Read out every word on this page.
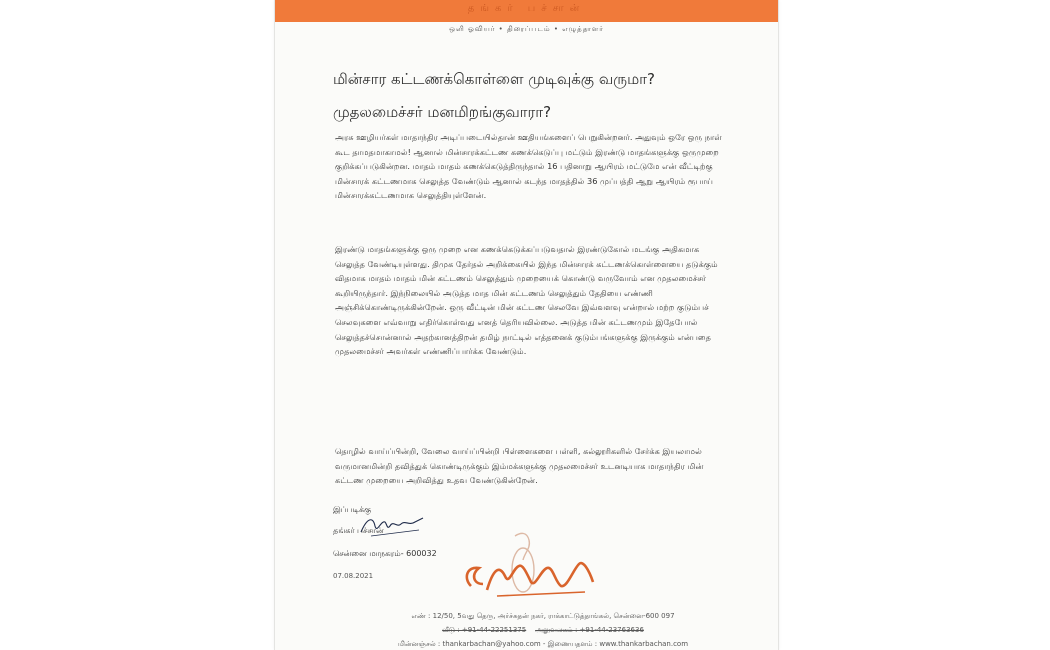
தங்கர் பச்சான்
ஒளி ஓவியர் • திரைப்படம் • எழுத்தாளர்
மின்சார கட்டணக்கொள்ளை முடிவுக்கு வருமா?
முதலமைச்சர் மனமிறங்குவாரா?
அரசு ஊழியர்கள் மாதாந்திர அடிப்படையில்தான் ஊதியங்களைப் பெறுகின்றனர். அதுவும் ஒரே ஒரு நாள் கூட தாமதமாகாமல்! ஆனால் மின்சாரக்கட்டண கணக்கெடுப்பு மட்டும் இரண்டு மாதங்களுக்கு ஒருமுறை குறிக்கப்படுகின்றன. மாதம் மாதம் கணக்கெடுத்திருந்தால் 16 பதினாறு ஆயிரம் மட்டுமே என் வீட்டிற்கு மின்சாரக் கட்டணமாக செலுத்த வேண்டும் ஆனால் கடந்த மாதத்தில் 36 முப்பத்தி ஆறு ஆயிரம் ரூபாய் மின்சாரக்கட்டணமாக செலுத்தியுள்ளேன்.
இரண்டு மாதங்களுக்கு ஒரு முறை என கணக்கெடுக்கப்படுவதால் இரண்டுகோல் மடங்கு அதிகமாக செலுத்த வேண்டியுள்ளது. திமுக தேர்தல் அறிக்கையில் இந்த மின்சாரக் கட்டணக்கொள்ளையை தடுக்கும் விதமாக மாதம் மாதம் மின் கட்டணம் செலுத்தும் முறையைக் கொண்டு வருவோம் என முதலமைச்சர் கூறியிருந்தார். இந்நிலையில் அடுத்த மாத மின் கட்டணம் செலுத்தும் தேதியை எண்ணி அஞ்சிக்கொண்டிருக்கின்றேன். ஒரு வீட்டின் மின் கட்டண செலவே இவ்வளவு என்றால் மற்ற குடும்பச் செலவுகளை எவ்வாறு எதிர்கொள்வது எனத் தெரியவில்லை. அடுத்த மின் கட்டணமும் இதேபோல் செலுத்தச்சொன்னால் அதற்கானத்திறன் தமிழ் நாட்டில் எத்தனைக் குடும்பங்களுக்கு இருக்கும் என்பதை முதலமைச்சர் அவர்கள் எண்ணிப்பார்க்க வேண்டும்.
தொழில் வாய்ப்பின்றி, வேலை வாய்ப்பின்றி பிள்ளைகளை பள்ளி, கல்லூரிகளில் சேர்க்க இயலாமல் வருமானமின்றி தவித்துக் கொண்டிருக்கும் இம்மக்களுக்கு முதலமைச்சர் உடனடியாக மாதாந்திர மின் கட்டண முறையை அறிவித்து உதவ வேண்டுகின்றேன்.
இப்படிக்கு
தங்கர் பச்சான்
சென்னை மாநகரம்- 600032
07.08.2021
எண் : 12/50, 5வது தெரு, அர்ச்சுதன் நகர், ராக்காட்டுத்தாங்கல், சென்னை-600 097
வீடு : +91-44-22251375 அலுவலகம் : +91-44-23763636
மின்னஞ்சல் : thankarbachan@yahoo.com - இணையதளம் : www.thankarbachan.com
